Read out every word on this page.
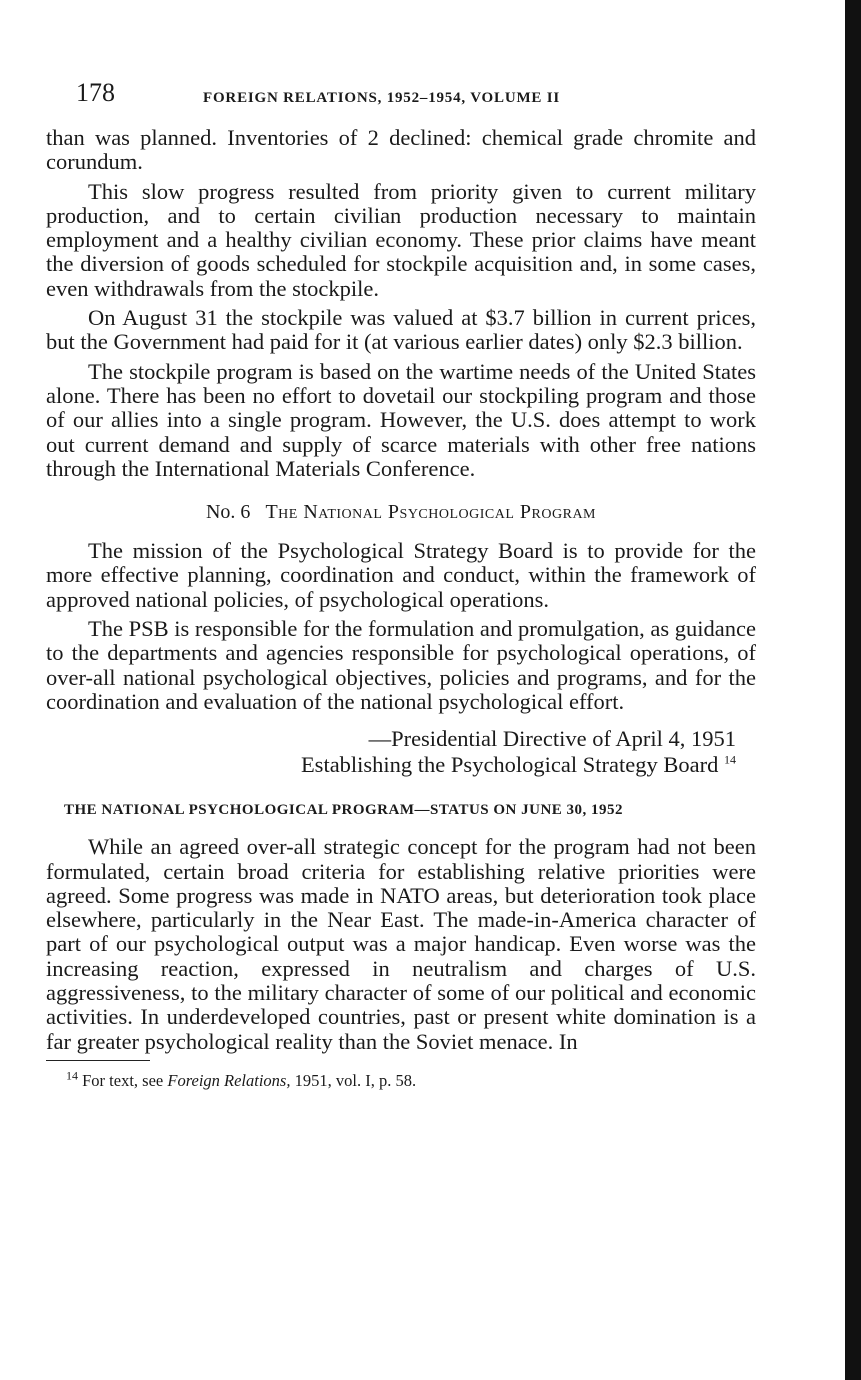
178	FOREIGN RELATIONS, 1952–1954, VOLUME II

than was planned. Inventories of 2 declined: chemical grade chromite and corundum.

This slow progress resulted from priority given to current military production, and to certain civilian production necessary to maintain employment and a healthy civilian economy. These prior claims have meant the diversion of goods scheduled for stockpile acquisition and, in some cases, even withdrawals from the stockpile.

On August 31 the stockpile was valued at $3.7 billion in current prices, but the Government had paid for it (at various earlier dates) only $2.3 billion.

The stockpile program is based on the wartime needs of the United States alone. There has been no effort to dovetail our stockpiling program and those of our allies into a single program. However, the U.S. does attempt to work out current demand and supply of scarce materials with other free nations through the International Materials Conference.

No. 6 The National Psychological Program

The mission of the Psychological Strategy Board is to provide for the more effective planning, coordination and conduct, within the framework of approved national policies, of psychological operations.

The PSB is responsible for the formulation and promulgation, as guidance to the departments and agencies responsible for psychological operations, of over-all national psychological objectives, policies and programs, and for the coordination and evaluation of the national psychological effort.

—Presidential Directive of April 4, 1951
Establishing the Psychological Strategy Board $^{14}$
THE NATIONAL PSYCHOLOGICAL PROGRAM—STATUS ON JUNE 30, 1952

While an agreed over-all strategic concept for the program had not been formulated, certain broad criteria for establishing relative priorities were agreed. Some progress was made in NATO areas, but deterioration took place elsewhere, particularly in the Near East. The made-in-America character of part of our psychological output was a major handicap. Even worse was the increasing reaction, expressed in neutralism and charges of U.S. aggressiveness, to the military character of some of our political and economic activities. In underdeveloped countries, past or present white domination is a far greater psychological reality than the Soviet menace. In

$^{14}$ For text, see Foreign Relations, 1951, vol. I, p. 58.
